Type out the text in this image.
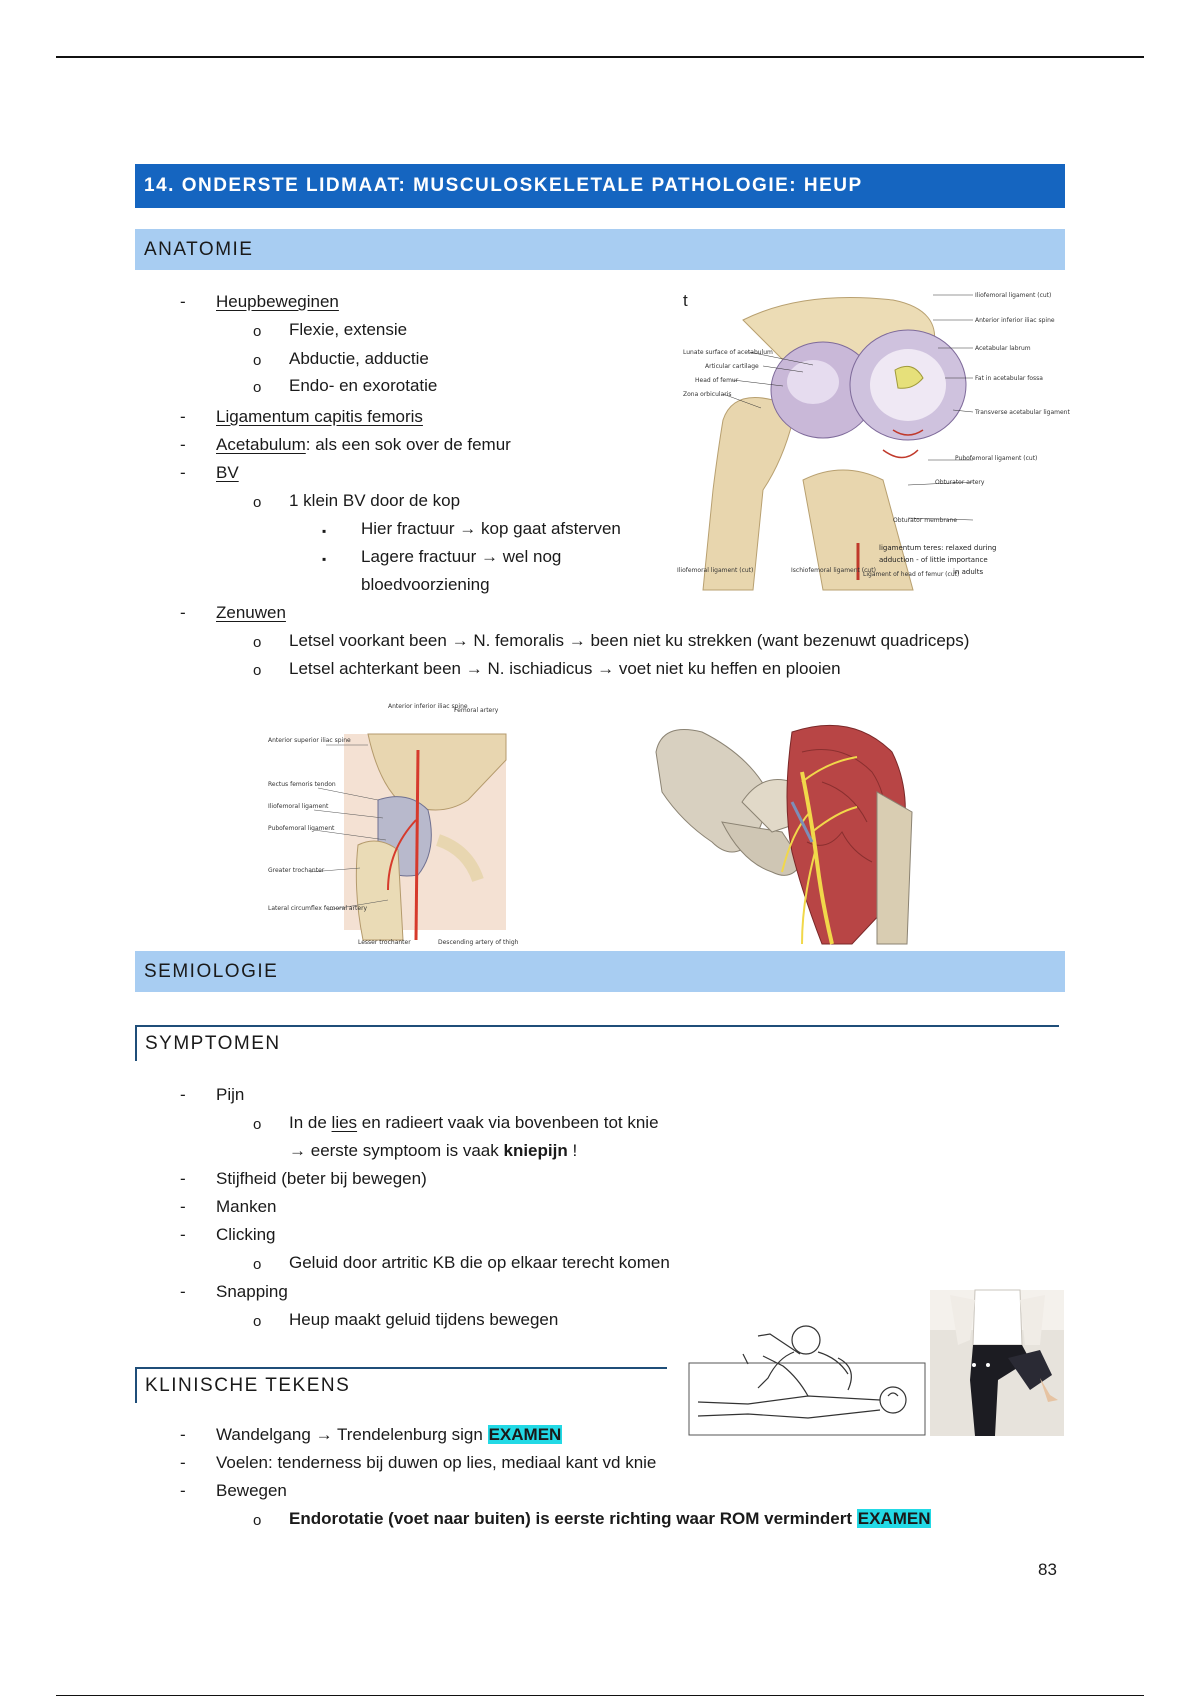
14. ONDERSTE LIDMAAT: MUSCULOSKELETALE PATHOLOGIE: HEUP
ANATOMIE
- Heupbeweginen
o Flexie, extensie
o Abductie, adductie
o Endo- en exorotatie
- Ligamentum capitis femoris
- Acetabulum: als een sok over de femur
- BV
o 1 klein BV door de kop
▪ Hier fractuur → kop gaat afsterven
▪ Lagere fractuur → wel nog
bloedvoorziening
- Zenuwen
o Letsel voorkant been → N. femoralis → been niet ku strekken (want bezenuwt quadriceps)
o Letsel achterkant been → N. ischiadicus → voet niet ku heffen en plooien
t
Lunate surface of acetabulum
Articular cartilage
Head of femur
Zona orbicularis
Iliofemoral ligament (cut)
Anterior inferior iliac spine
Acetabular labrum
Fat in acetabular fossa
Transverse acetabular ligament
Pubofemoral ligament (cut)
Obturator artery
Obturator membrane
Iliofemoral ligament (cut)	Ischiofemoral ligament (cut)
Ligament of head of femur (cut)
ligamentum teres: relaxed during
adduction - of little importance
in adults
Anterior inferior iliac spine
Femoral artery
Anterior superior iliac spine
Rectus femoris tendon
Iliofemoral ligament
Pubofemoral ligament
Greater trochanter
Lateral circumflex femoral artery
Lesser trochanter	Descending artery of thigh
SEMIOLOGIE
SYMPTOMEN
- Pijn
o In de lies en radieert vaak via bovenbeen tot knie
→ eerste symptoom is vaak kniepijn !
- Stijfheid (beter bij bewegen)
- Manken
- Clicking
o Geluid door artritic KB die op elkaar terecht komen
- Snapping
o Heup maakt geluid tijdens bewegen
KLINISCHE TEKENS
- Wandelgang → Trendelenburg sign EXAMEN
- Voelen: tenderness bij duwen op lies, mediaal kant vd knie
- Bewegen
o Endorotatie (voet naar buiten) is eerste richting waar ROM vermindert EXAMEN
83
